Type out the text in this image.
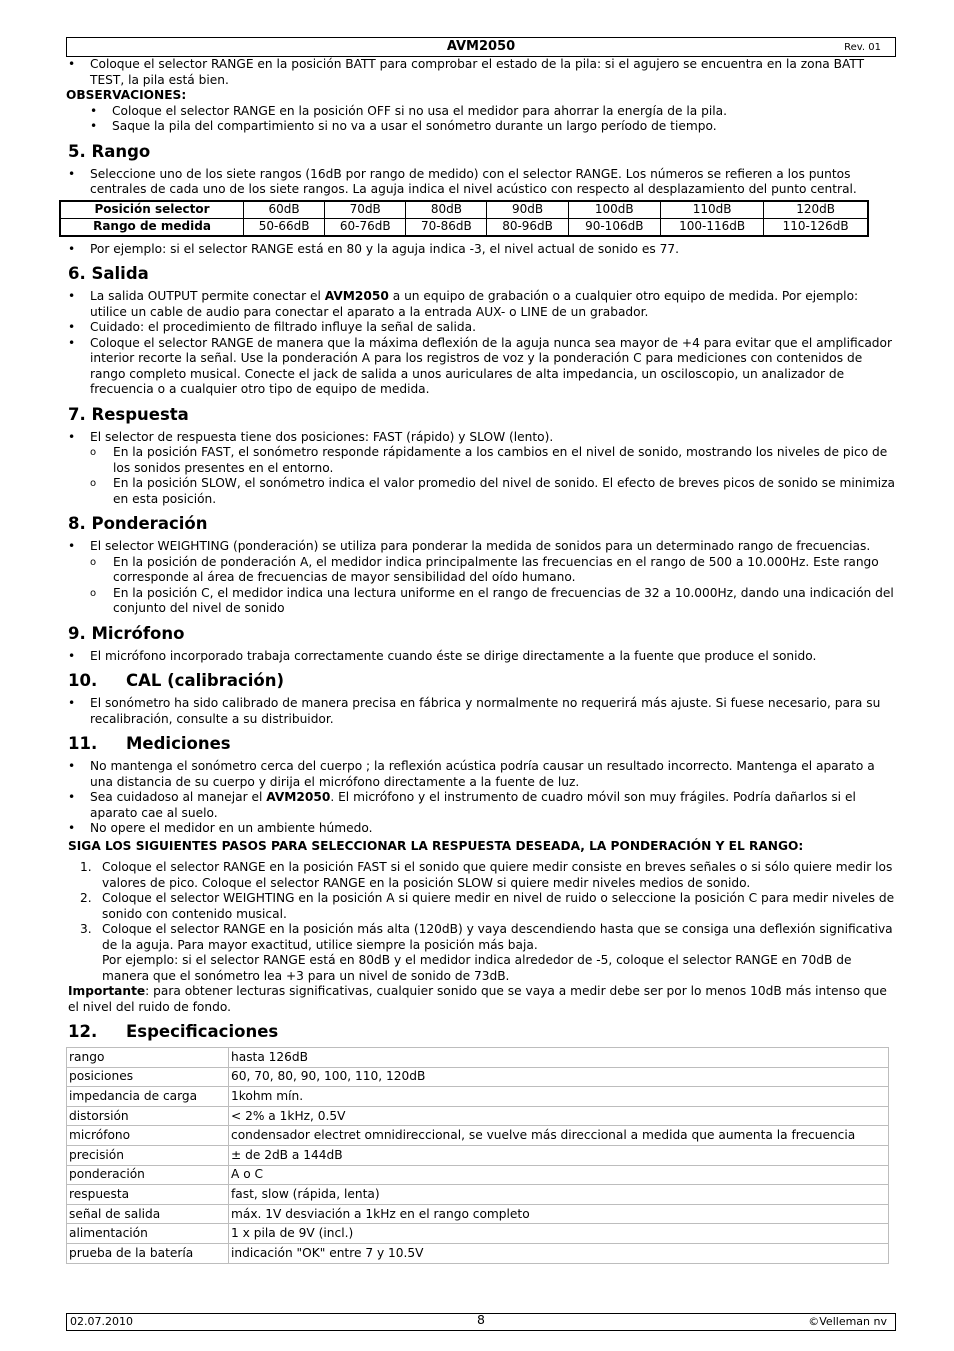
AVM2050	Rev. 01
• Coloque el selector RANGE en la posición BATT para comprobar el estado de la pila: si el agujero se encuentra en la zona BATT TEST, la pila está bien.
OBSERVACIONES:
• Coloque el selector RANGE en la posición OFF si no usa el medidor para ahorrar la energía de la pila.
• Saque la pila del compartimiento si no va a usar el sonómetro durante un largo período de tiempo.
5. Rango
• Seleccione uno de los siete rangos (16dB por rango de medido) con el selector RANGE. Los números se refieren a los puntos centrales de cada uno de los siete rangos. La aguja indica el nivel acústico con respecto al desplazamiento del punto central.
Posición selector	60dB	70dB	80dB	90dB	100dB	110dB	120dB
Rango de medida	50-66dB	60-76dB	70-86dB	80-96dB	90-106dB	100-116dB	110-126dB
• Por ejemplo: si el selector RANGE está en 80 y la aguja indica -3, el nivel actual de sonido es 77.
6. Salida
• La salida OUTPUT permite conectar el AVM2050 a un equipo de grabación o a cualquier otro equipo de medida. Por ejemplo: utilice un cable de audio para conectar el aparato a la entrada AUX- o LINE de un grabador.
• Cuidado: el procedimiento de filtrado influye la señal de salida.
• Coloque el selector RANGE de manera que la máxima deflexión de la aguja nunca sea mayor de +4 para evitar que el amplificador interior recorte la señal. Use la ponderación A para los registros de voz y la ponderación C para mediciones con contenidos de rango completo musical. Conecte el jack de salida a unos auriculares de alta impedancia, un osciloscopio, un analizador de frecuencia o a cualquier otro tipo de equipo de medida.
7. Respuesta
• El selector de respuesta tiene dos posiciones: FAST (rápido) y SLOW (lento).
o En la posición FAST, el sonómetro responde rápidamente a los cambios en el nivel de sonido, mostrando los niveles de pico de los sonidos presentes en el entorno.
o En la posición SLOW, el sonómetro indica el valor promedio del nivel de sonido. El efecto de breves picos de sonido se minimiza en esta posición.
8. Ponderación
• El selector WEIGHTING (ponderación) se utiliza para ponderar la medida de sonidos para un determinado rango de frecuencias.
o En la posición de ponderación A, el medidor indica principalmente las frecuencias en el rango de 500 a 10.000Hz. Este rango corresponde al área de frecuencias de mayor sensibilidad del oído humano.
o En la posición C, el medidor indica una lectura uniforme en el rango de frecuencias de 32 a 10.000Hz, dando una indicación del conjunto del nivel de sonido
9. Micrófono
• El micrófono incorporado trabaja correctamente cuando éste se dirige directamente a la fuente que produce el sonido.
10. CAL (calibración)
• El sonómetro ha sido calibrado de manera precisa en fábrica y normalmente no requerirá más ajuste. Si fuese necesario, para su recalibración, consulte a su distribuidor.
11. Mediciones
• No mantenga el sonómetro cerca del cuerpo ; la reflexión acústica podría causar un resultado incorrecto. Mantenga el aparato a una distancia de su cuerpo y dirija el micrófono directamente a la fuente de luz.
• Sea cuidadoso al manejar el AVM2050. El micrófono y el instrumento de cuadro móvil son muy frágiles. Podría dañarlos si el aparato cae al suelo.
• No opere el medidor en un ambiente húmedo.
SIGA LOS SIGUIENTES PASOS PARA SELECCIONAR LA RESPUESTA DESEADA, LA PONDERACIÓN Y EL RANGO:
1. Coloque el selector RANGE en la posición FAST si el sonido que quiere medir consiste en breves señales o si sólo quiere medir los valores de pico. Coloque el selector RANGE en la posición SLOW si quiere medir niveles medios de sonido.
2. Coloque el selector WEIGHTING en la posición A si quiere medir en nivel de ruido o seleccione la posición C para medir niveles de sonido con contenido musical.
3. Coloque el selector RANGE en la posición más alta (120dB) y vaya descendiendo hasta que se consiga una deflexión significativa de la aguja. Para mayor exactitud, utilice siempre la posición más baja.
Por ejemplo: si el selector RANGE está en 80dB y el medidor indica alrededor de -5, coloque el selector RANGE en 70dB de manera que el sonómetro lea +3 para un nivel de sonido de 73dB.
Importante: para obtener lecturas significativas, cualquier sonido que se vaya a medir debe ser por lo menos 10dB más intenso que el nivel del ruido de fondo.
12. Especificaciones
rango	hasta 126dB
posiciones	60, 70, 80, 90, 100, 110, 120dB
impedancia de carga	1kohm mín.
distorsión	< 2% a 1kHz, 0.5V
micrófono	condensador electret omnidireccional, se vuelve más direccional a medida que aumenta la frecuencia
precisión	± de 2dB a 144dB
ponderación	A o C
respuesta	fast, slow (rápida, lenta)
señal de salida	máx. 1V desviación a 1kHz en el rango completo
alimentación	1 x pila de 9V (incl.)
prueba de la batería	indicación "OK" entre 7 y 10.5V
02.07.2010	8	©Velleman nv
